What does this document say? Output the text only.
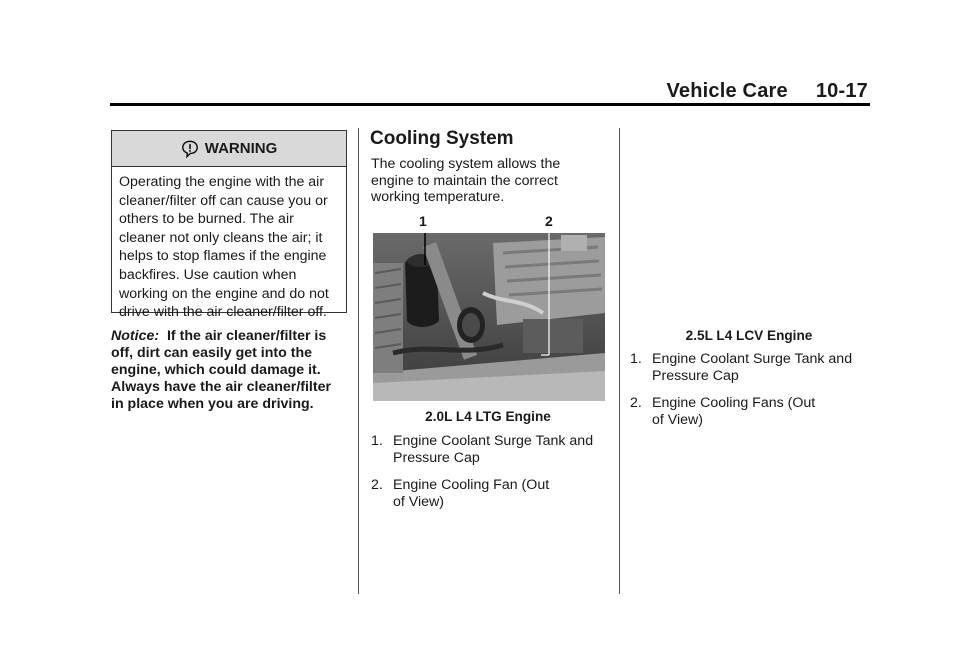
Vehicle Care 10-17
WARNING
Operating the engine with the air
cleaner/filter off can cause you or
others to be burned. The air
cleaner not only cleans the air; it
helps to stop flames if the engine
backfires. Use caution when
working on the engine and do not
drive with the air cleaner/filter off.
Notice: If the air cleaner/filter is
off, dirt can easily get into the
engine, which could damage it.
Always have the air cleaner/filter
in place when you are driving.
Cooling System
The cooling system allows the
engine to maintain the correct
working temperature.
1	2
2.0L L4 LTG Engine
1. Engine Coolant Surge Tank and
Pressure Cap
2. Engine Cooling Fan (Out
of View)
2.5L L4 LCV Engine
1. Engine Coolant Surge Tank and
Pressure Cap
2. Engine Cooling Fans (Out
of View)
